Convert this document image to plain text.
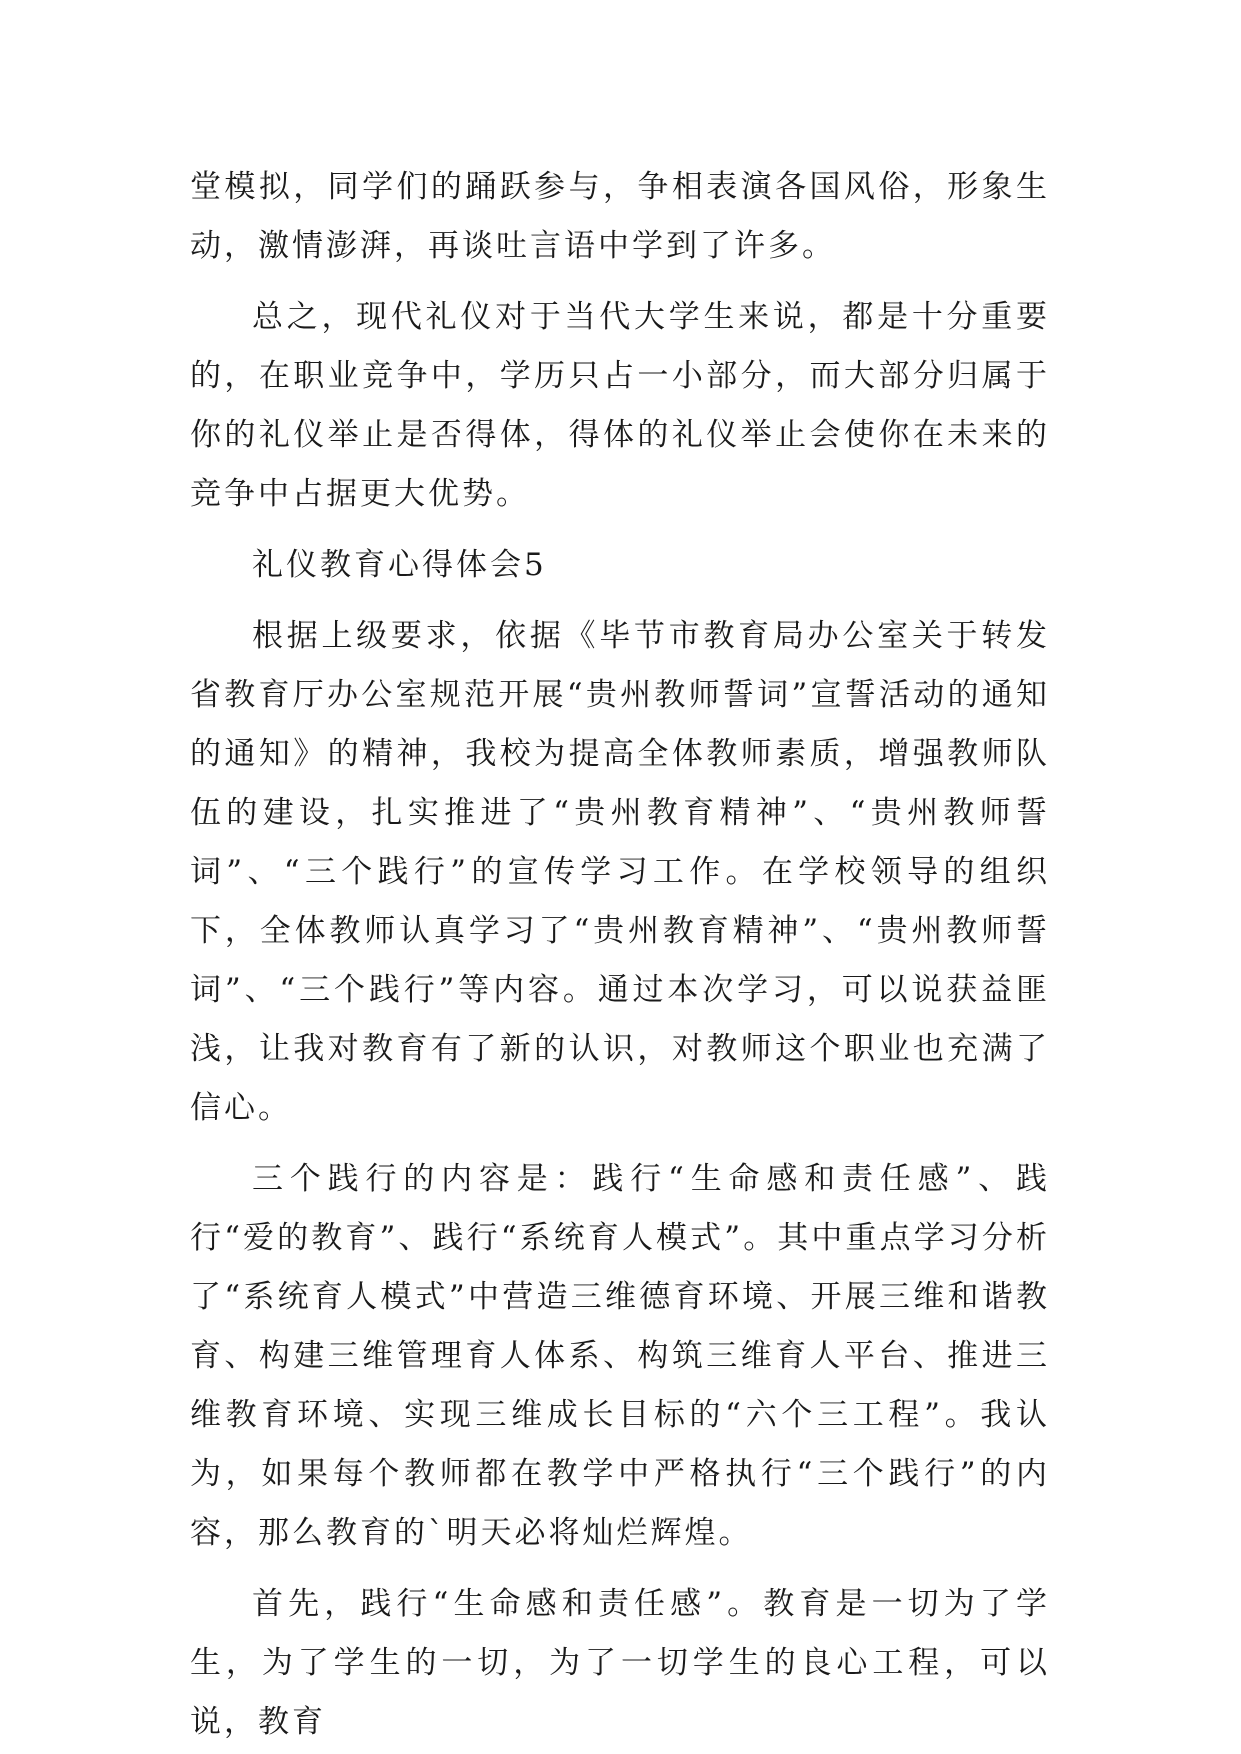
堂模拟，同学们的踊跃参与，争相表演各国风俗，形象生动，激情澎湃，再谈吐言语中学到了许多。

总之，现代礼仪对于当代大学生来说，都是十分重要的，在职业竞争中，学历只占一小部分，而大部分归属于你的礼仪举止是否得体，得体的礼仪举止会使你在未来的竞争中占据更大优势。

礼仪教育心得体会5

根据上级要求，依据《毕节市教育局办公室关于转发省教育厅办公室规范开展“贵州教师誓词”宣誓活动的通知的通知》的精神，我校为提高全体教师素质，增强教师队伍的建设，扎实推进了“贵州教育精神”、“贵州教师誓词”、“三个践行”的宣传学习工作。在学校领导的组织下，全体教师认真学习了“贵州教育精神”、“贵州教师誓词”、“三个践行”等内容。通过本次学习，可以说获益匪浅，让我对教育有了新的认识，对教师这个职业也充满了信心。

三个践行的内容是：践行“生命感和责任感”、践行“爱的教育”、践行“系统育人模式”。其中重点学习分析了“系统育人模式”中营造三维德育环境、开展三维和谐教育、构建三维管理育人体系、构筑三维育人平台、推进三维教育环境、实现三维成长目标的“六个三工程”。我认为，如果每个教师都在教学中严格执行“三个践行”的内容，那么教育的`明天必将灿烂辉煌。

首先，践行“生命感和责任感”。教育是一切为了学生，为了学生的一切，为了一切学生的良心工程，可以说，教育
